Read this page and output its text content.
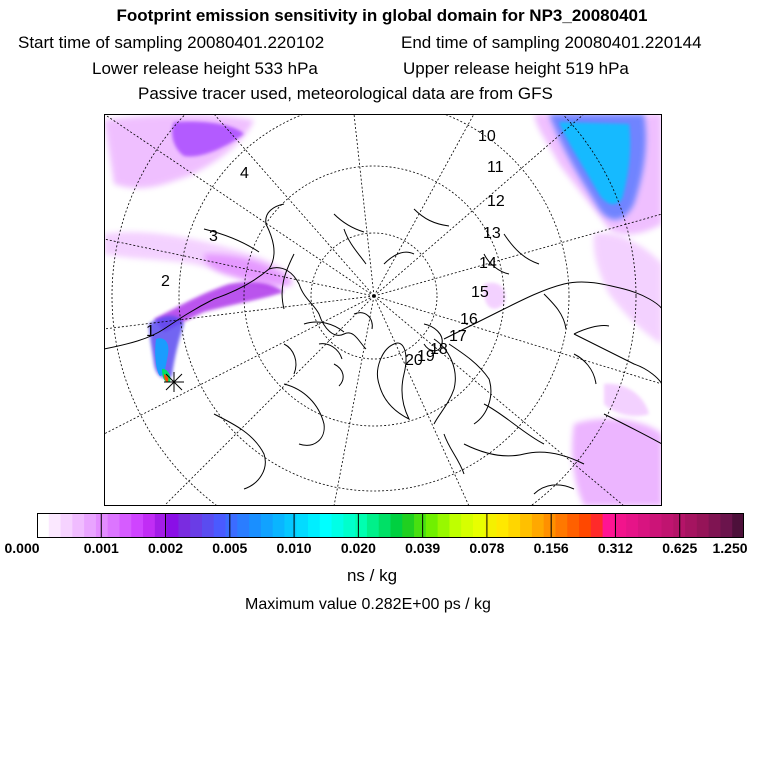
Footprint emission sensitivity in global domain for NP3_20080401
Start time of sampling 20080401.220102	End time of sampling 20080401.220144
Lower release height 533 hPa	Upper release height 519 hPa
Passive tracer used, meteorological data are from GFS
1
2
3
4
10
11
12
13
14
15
16
17
18
19
20
0.000	0.001 0.002 0.005 0.010 0.020 0.039 0.078 0.156 0.312 0.625 1.250
ns / kg
Maximum value 0.282E+00 ps / kg
